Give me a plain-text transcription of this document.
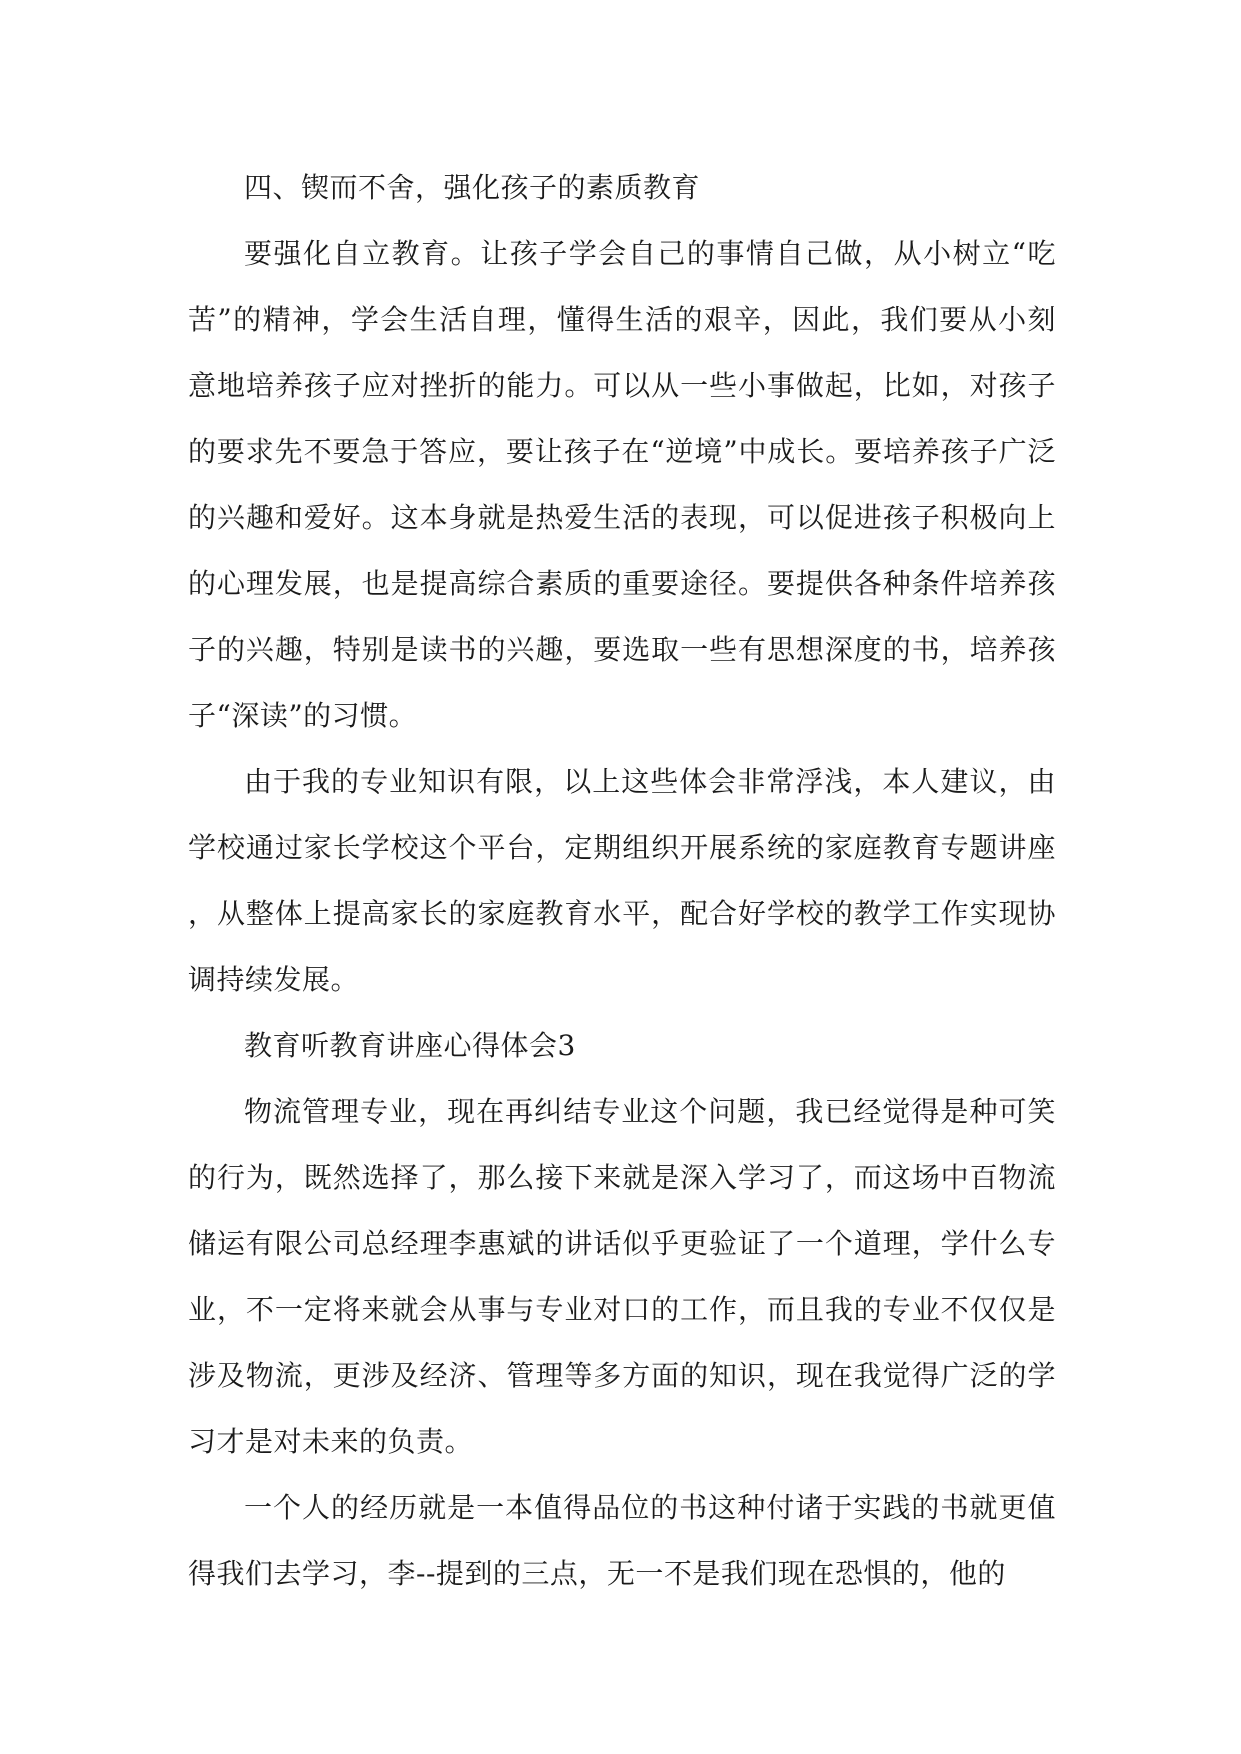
四、锲而不舍，强化孩子的素质教育

要强化自立教育。让孩子学会自己的事情自己做，从小树立“吃苦”的精神，学会生活自理，懂得生活的艰辛，因此，我们要从小刻意地培养孩子应对挫折的能力。可以从一些小事做起，比如，对孩子的要求先不要急于答应，要让孩子在“逆境”中成长。要培养孩子广泛的兴趣和爱好。这本身就是热爱生活的表现，可以促进孩子积极向上的心理发展，也是提高综合素质的重要途径。要提供各种条件培养孩子的兴趣，特别是读书的兴趣，要选取一些有思想深度的书，培养孩子“深读”的习惯。

由于我的专业知识有限，以上这些体会非常浮浅，本人建议，由学校通过家长学校这个平台，定期组织开展系统的家庭教育专题讲座，从整体上提高家长的家庭教育水平，配合好学校的教学工作实现协调持续发展。

教育听教育讲座心得体会3

物流管理专业，现在再纠结专业这个问题，我已经觉得是种可笑的行为，既然选择了，那么接下来就是深入学习了，而这场中百物流储运有限公司总经理李惠斌的讲话似乎更验证了一个道理，学什么专业，不一定将来就会从事与专业对口的工作，而且我的专业不仅仅是涉及物流，更涉及经济、管理等多方面的知识，现在我觉得广泛的学习才是对未来的负责。

一个人的经历就是一本值得品位的书这种付诸于实践的书就更值得我们去学习，李--提到的三点，无一不是我们现在恐惧的，他的
